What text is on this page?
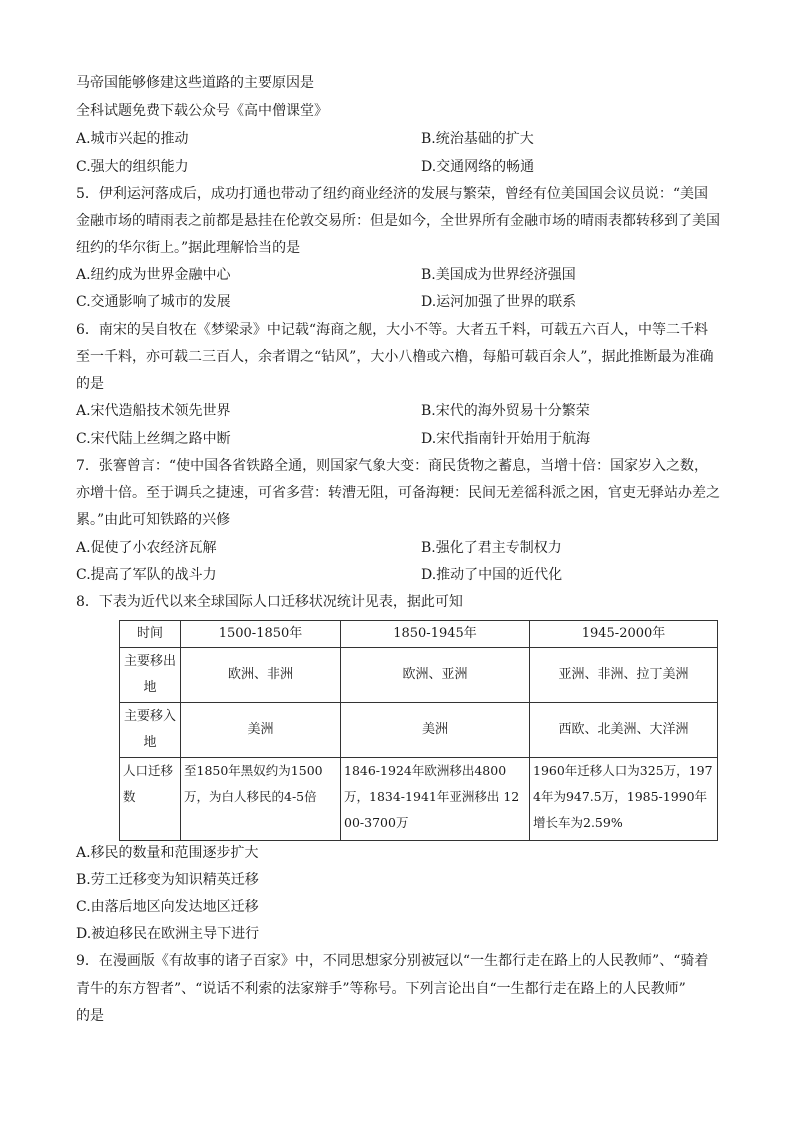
马帝国能够修建这些道路的主要原因是
全科试题免费下载公众号《高中僧课堂》
A.城市兴起的推动	B.统治基础的扩大
C.强大的组织能力	D.交通网络的畅通
5．伊利运河落成后，成功打通也带动了纽约商业经济的发展与繁荣，曾经有位美国国会议员说：“美国
金融市场的晴雨表之前都是悬挂在伦敦交易所：但是如今，全世界所有金融市场的晴雨表都转移到了美国
纽约的华尔街上。”据此理解恰当的是
A.纽约成为世界金融中心	B.美国成为世界经济强国
C.交通影响了城市的发展	D.运河加强了世界的联系
6．南宋的吴自牧在《梦梁录》中记载“海商之舰，大小不等。大者五千料，可载五六百人，中等二千料
至一千料，亦可载二三百人，余者谓之“钻风”，大小八橹或六橹，每船可载百余人”，据此推断最为准确
的是
A.宋代造船技术领先世界	B.宋代的海外贸易十分繁荣
C.宋代陆上丝绸之路中断	D.宋代指南针开始用于航海
7．张謇曾言：“使中国各省铁路全通，则国家气象大变：商民货物之蓄息，当增十倍：国家岁入之数，
亦增十倍。至于调兵之捷速，可省多营：转漕无阻，可备海粳：民间无差徭科派之困，官吏无驿站办差之
累。”由此可知铁路的兴修
A.促使了小农经济瓦解	B.强化了君主专制权力
C.提高了军队的战斗力	D.推动了中国的近代化
8．下表为近代以来全球国际人口迁移状况统计见表，据此可知
时间	1500-1850年	1850-1945年	1945-2000年
主要移出地	欧洲、非洲	欧洲、亚洲	亚洲、非洲、拉丁美洲
主要移入地	美洲	美洲	西欧、北美洲、大洋洲
人口迁移数	至1850年黑奴约为1500万，为白人移民的4-5倍	1846-1924年欧洲移出4800万，1834-1941年亚洲移出 1200-3700万	1960年迁移人口为325万，1974年为947.5万，1985-1990年增长车为2.59%
A.移民的数量和范围逐步扩大
B.劳工迁移变为知识精英迁移
C.由落后地区向发达地区迁移
D.被迫移民在欧洲主导下进行
9．在漫画版《有故事的诸子百家》中，不同思想家分别被冠以“一生都行走在路上的人民教师”、“骑着
青牛的东方智者”、“说话不利索的法家辩手”等称号。下列言论出自“一生都行走在路上的人民教师”
的是
